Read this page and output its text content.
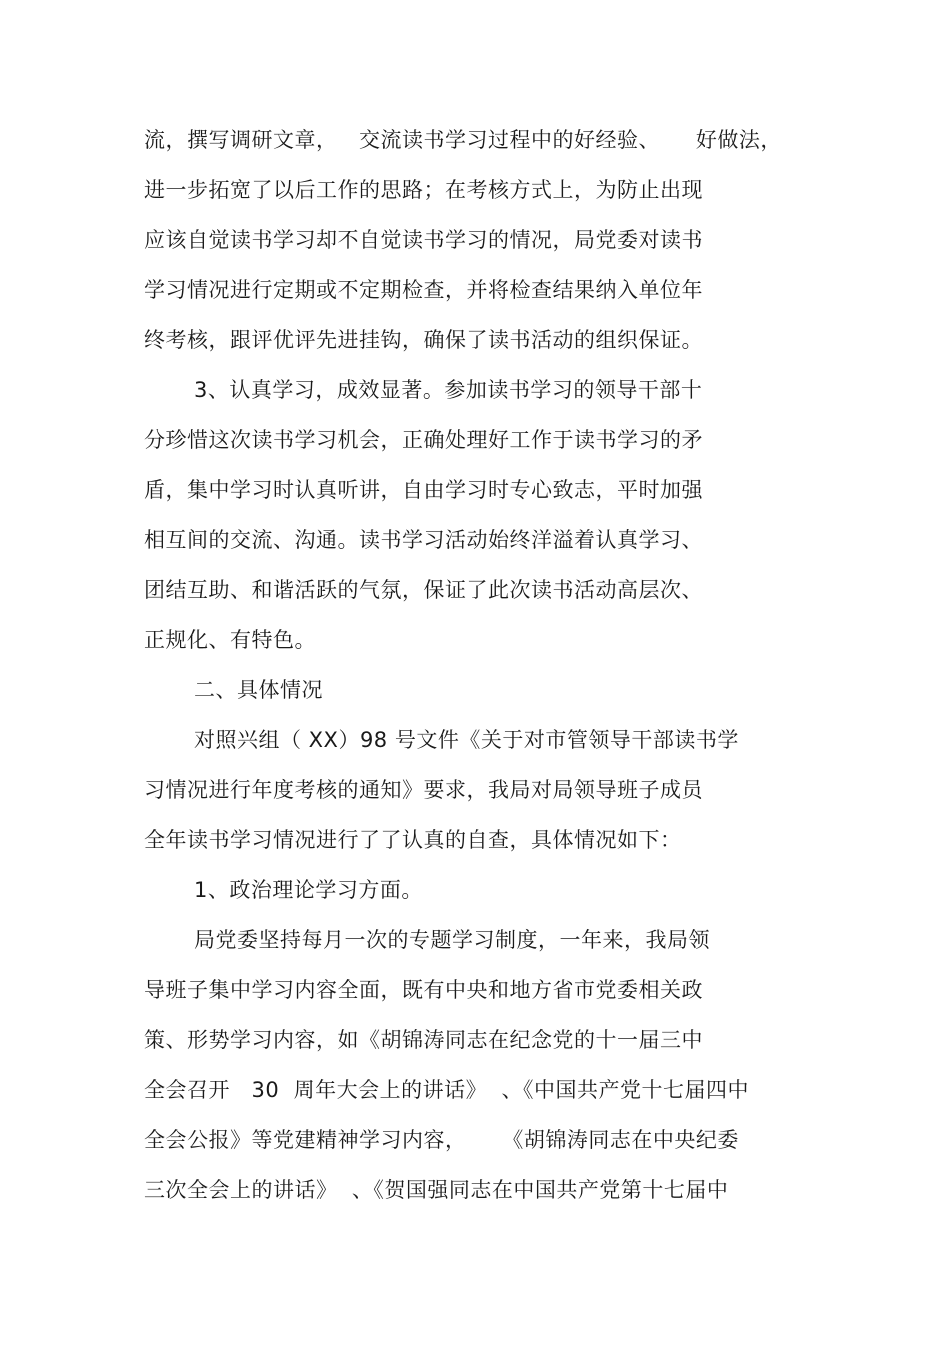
流，撰写调研文章，   交流读书学习过程中的好经验、     好做法，
进一步拓宽了以后工作的思路；在考核方式上，为防止出现
应该自觉读书学习却不自觉读书学习的情况，局党委对读书
学习情况进行定期或不定期检查，并将检查结果纳入单位年
终考核，跟评优评先进挂钩，确保了读书活动的组织保证。
3、认真学习，成效显著。参加读书学习的领导干部十
分珍惜这次读书学习机会，正确处理好工作于读书学习的矛
盾，集中学习时认真听讲，自由学习时专心致志，平时加强
相互间的交流、沟通。读书学习活动始终洋溢着认真学习、
团结互助、和谐活跃的气氛，保证了此次读书活动高层次、
正规化、有特色。
二、具体情况
对照兴组（ XX）98 号文件《关于对市管领导干部读书学
习情况进行年度考核的通知》要求，我局对局领导班子成员
全年读书学习情况进行了了认真的自查，具体情况如下：
1、政治理论学习方面。
局党委坚持每月一次的专题学习制度，一年来，我局领
导班子集中学习内容全面，既有中央和地方省市党委相关政
策、形势学习内容，如《胡锦涛同志在纪念党的十一届三中
全会召开   30  周年大会上的讲话》  、《中国共产党十七届四中
全会公报》等党建精神学习内容，     《胡锦涛同志在中央纪委
三次全会上的讲话》  、《贺国强同志在中国共产党第十七届中
